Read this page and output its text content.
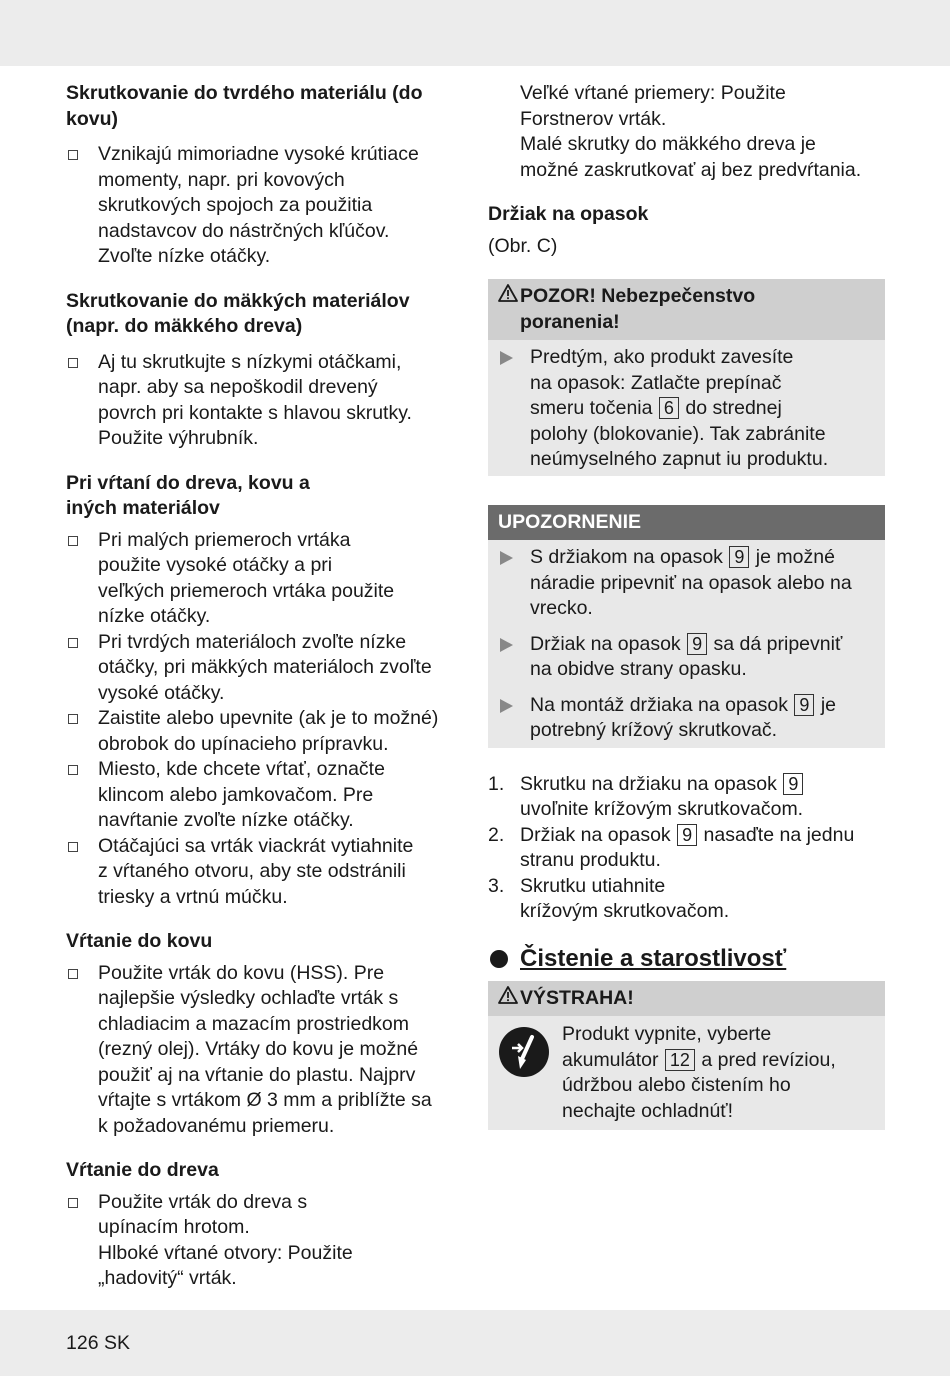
Skrutkovanie do tvrdého materiálu (do
kovu)

Vznikajú mimoriadne vysoké krútiace
momenty, napr. pri kovových
skrutkových spojoch za použitia
nadstavcov do nástrčných kľúčov.
Zvoľte nízke otáčky.

Skrutkovanie do mäkkých materiálov
(napr. do mäkkého dreva)

Aj tu skrutkujte s nízkymi otáčkami,
napr. aby sa nepoškodil drevený
povrch pri kontakte s hlavou skrutky.
Použite výhrubník.

Pri vŕtaní do dreva, kovu a
iných materiálov

Pri malých priemeroch vrtáka
použite vysoké otáčky a pri
veľkých priemeroch vrtáka použite
nízke otáčky.
Pri tvrdých materiáloch zvoľte nízke
otáčky, pri mäkkých materiáloch zvoľte
vysoké otáčky.
Zaistite alebo upevnite (ak je to možné)
obrobok do upínacieho prípravku.
Miesto, kde chcete vŕtať, označte
klincom alebo jamkovačom. Pre
navŕtanie zvoľte nízke otáčky.
Otáčajúci sa vrták viackrát vytiahnite
z vŕtaného otvoru, aby ste odstránili
triesky a vrtnú múčku.

Vŕtanie do kovu

Použite vrták do kovu (HSS). Pre
najlepšie výsledky ochlaďte vrták s
chladiacim a mazacím prostriedkom
(rezný olej). Vrtáky do kovu je možné
použiť aj na vŕtanie do plastu. Najprv
vŕtajte s vrtákom Ø 3 mm a priblížte sa
k požadovanému priemeru.

Vŕtanie do dreva

Použite vrták do dreva s
upínacím hrotom.

Hlboké vŕtané otvory: Použite
„hadovitý“ vrták.

Veľké vŕtané priemery: Použite
Forstnerov vrták.
Malé skrutky do mäkkého dreva je
možné zaskrutkovať aj bez predvŕtania.

Držiak na opasok

(Obr. C)

POZOR! Nebezpečenstvo
poranenia!
Predtým, ako produkt zavesíte
na opasok: Zatlačte prepínač
smeru točenia 6 do strednej
polohy (blokovanie). Tak zabránite
neúmyselného zapnut iu produktu.
UPOZORNENIE
S držiakom na opasok 9 je možné
náradie pripevniť na opasok alebo na
vrecko.
Držiak na opasok 9 sa dá pripevniť
na obidve strany opasku.
Na montáž držiaka na opasok 9 je
potrebný krížový skrutkovač.
1. Skrutku na držiaku na opasok 9
uvoľnite krížovým skrutkovačom.
2. Držiak na opasok 9 nasaďte na jednu
stranu produktu.
3. Skrutku utiahnite
krížovým skrutkovačom.
Čistenie a starostlivosť
VÝSTRAHA!
Produkt vypnite, vyberte
akumulátor 12 a pred revíziou,
údržbou alebo čistením ho
nechajte ochladnúť!
126 SK
